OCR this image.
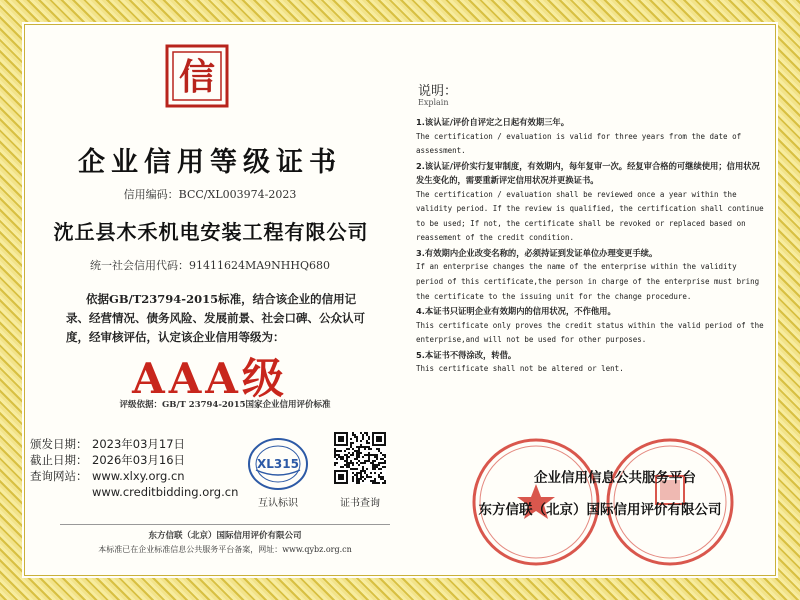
信
企业信用等级证书
信用编码：BCC/XL003974-2023
沈丘县木禾机电安装工程有限公司
统一社会信用代码：91411624MA9NHHQ680
依据GB/T23794-2015标准，结合该企业的信用记录、经营情况、债务风险、发展前景、社会口碑、公众认可度，经审核评估，认定该企业信用等级为：
AAA级
评级依据：GB/T 23794-2015国家企业信用评价标准
颁发日期： 2023年03月17日
截止日期： 2026年03月16日
查询网站： www.xlxy.org.cn
www.creditbidding.org.cn
XL315
互认标识	证书查询
东方信联（北京）国际信用评价有限公司
本标准已在企业标准信息公共服务平台备案，网址：www.qybz.org.cn
说明：
Explain
1.该认证/评价自评定之日起有效期三年。
The certification / evaluation is valid for three years from the date of assessment.
2.该认证/评价实行复审制度，有效期内，每年复审一次。经复审合格的可继续使用；信用状况发生变化的，需要重新评定信用状况并更换证书。
The certification / evaluation shall be reviewed once a year within the validity period. If the review is qualified, the certification shall continue to be used; If not, the certificate shall be revoked or replaced based on reassement of the credit condition.
3.有效期内企业改变名称的，必须持证到发证单位办理变更手续。
If an enterprise changes the name of the enterprise within the validity period of this certificate,the person in charge of the enterprise must bring the certificate to the issuing unit for the change procedure.
4.本证书只证明企业有效期内的信用状况，不作他用。
This certificate only proves the credit status within the valid period of the enterprise,and will not be used for other purposes.
5.本证书不得涂改，转借。
This certificate shall not be altered or lent.
企业信用信息公共服务平台
东方信联（北京）国际信用评价有限公司
